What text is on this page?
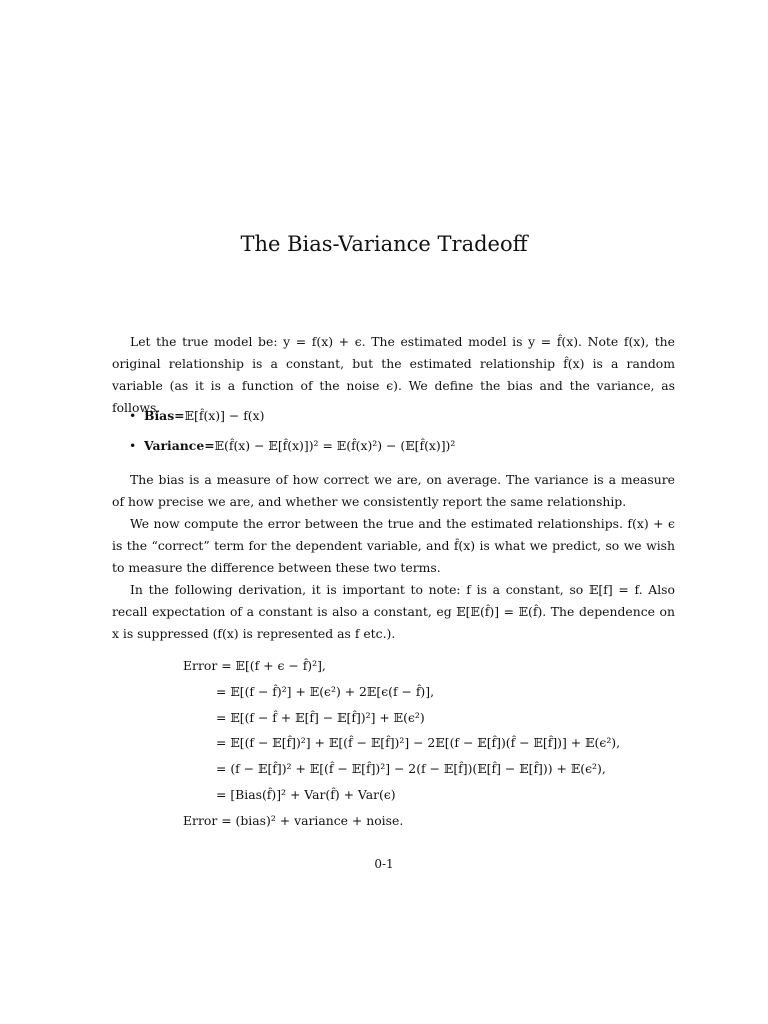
The Bias-Variance Tradeoff

Let the true model be: y = f(x) + ϵ. The estimated model is y = f̂(x). Note f(x), the original relationship is a constant, but the estimated relationship f̂(x) is a random variable (as it is a function of the noise ϵ). We define the bias and the variance, as follows.

• Bias=𝔼[f̂(x)] − f(x)
• Variance=𝔼(f̂(x) − 𝔼[f̂(x)])² = 𝔼(f̂(x)²) − (𝔼[f̂(x)])²

The bias is a measure of how correct we are, on average. The variance is a measure of how precise we are, and whether we consistently report the same relationship.

We now compute the error between the true and the estimated relationships. f(x) + ϵ is the “correct” term for the dependent variable, and f̂(x) is what we predict, so we wish to measure the difference between these two terms.

In the following derivation, it is important to note: f is a constant, so 𝔼[f] = f. Also recall expectation of a constant is also a constant, eg 𝔼[𝔼(f̂)] = 𝔼(f̂). The dependence on x is suppressed (f(x) is represented as f etc.).

Error = 𝔼[(f + ϵ − f̂)²],
= 𝔼[(f − f̂)²] + 𝔼(ϵ²) + 2𝔼[ϵ(f − f̂)],
= 𝔼[(f − f̂ + 𝔼[f̂] − 𝔼[f̂])²] + 𝔼(ϵ²)
= 𝔼[(f − 𝔼[f̂])²] + 𝔼[(f̂ − 𝔼[f̂])²] − 2𝔼[(f − 𝔼[f̂])(f̂ − 𝔼[f̂])] + 𝔼(ϵ²),
= (f − 𝔼[f̂])² + 𝔼[(f̂ − 𝔼[f̂])²] − 2(f − 𝔼[f̂])(𝔼[f̂] − 𝔼[f̂])) + 𝔼(ϵ²),
= [Bias(f̂)]² + Var(f̂) + Var(ϵ)
Error = (bias)² + variance + noise.
0-1
